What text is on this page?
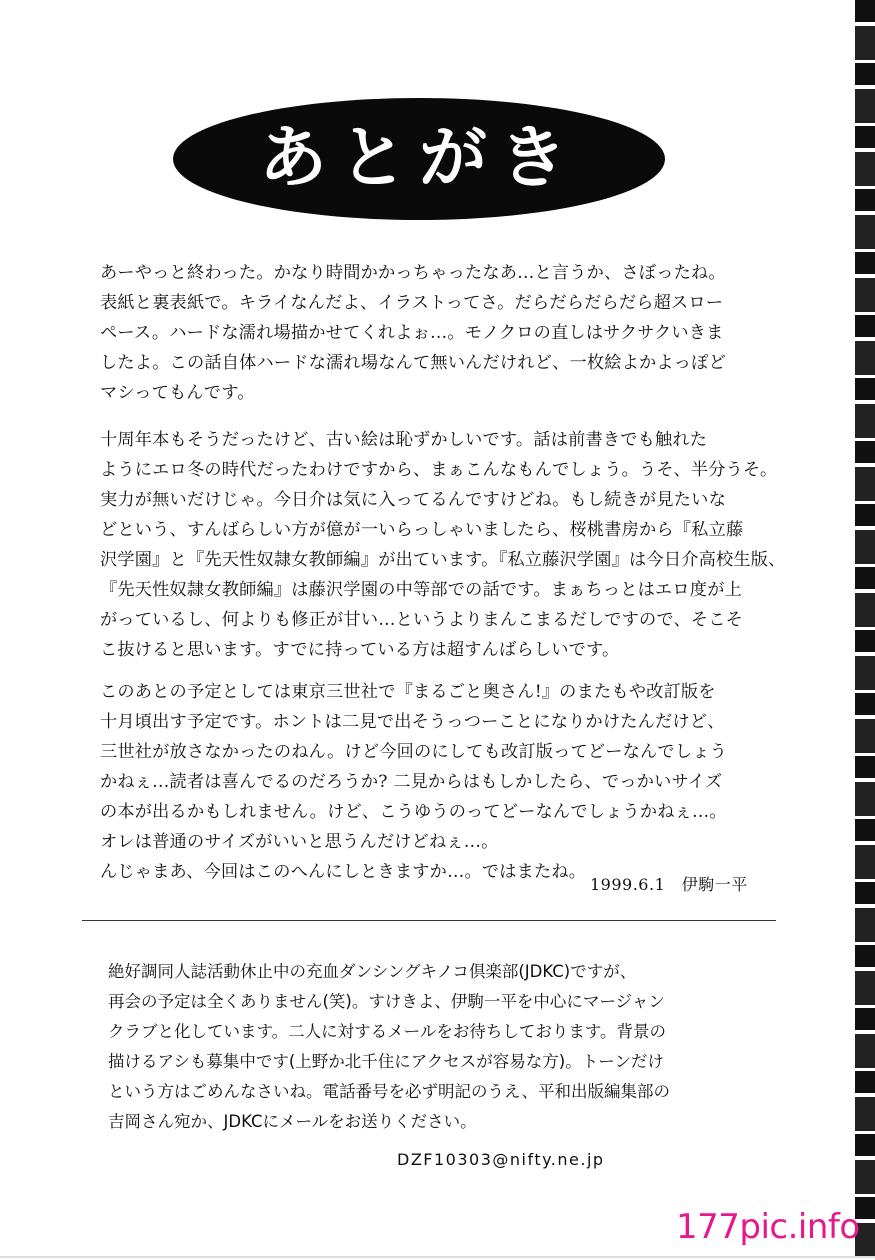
あとがき
あーやっと終わった。かなり時間かかっちゃったなあ…と言うか、さぼったね。
表紙と裏表紙で。キライなんだよ、イラストってさ。だらだらだらだら超スロー
ペース。ハードな濡れ場描かせてくれよぉ…。モノクロの直しはサクサクいきま
したよ。この話自体ハードな濡れ場なんて無いんだけれど、一枚絵よかよっぽど
マシってもんです。
十周年本もそうだったけど、古い絵は恥ずかしいです。話は前書きでも触れた
ようにエロ冬の時代だったわけですから、まぁこんなもんでしょう。うそ、半分うそ。
実力が無いだけじゃ。今日介は気に入ってるんですけどね。もし続きが見たいな
どという、すんばらしい方が億が一いらっしゃいましたら、桜桃書房から『私立藤
沢学園』と『先天性奴隷女教師編』が出ています。『私立藤沢学園』は今日介高校生版、
『先天性奴隷女教師編』は藤沢学園の中等部での話です。まぁちっとはエロ度が上
がっているし、何よりも修正が甘い…というよりまんこまるだしですので、そこそ
こ抜けると思います。すでに持っている方は超すんばらしいです。
このあとの予定としては東京三世社で『まるごと奥さん!』のまたもや改訂版を
十月頃出す予定です。ホントは二見で出そうっつーことになりかけたんだけど、
三世社が放さなかったのねん。けど今回のにしても改訂版ってどーなんでしょう
かねぇ…読者は喜んでるのだろうか? 二見からはもしかしたら、でっかいサイズ
の本が出るかもしれません。けど、こうゆうのってどーなんでしょうかねぇ…。
オレは普通のサイズがいいと思うんだけどねぇ…。
んじゃまあ、今回はこのへんにしときますか…。ではまたね。
1999.6.1　 伊駒一平
絶好調同人誌活動休止中の充血ダンシングキノコ倶楽部(JDKC)ですが、
再会の予定は全くありません(笑)。すけきよ、伊駒一平を中心にマージャン
クラブと化しています。二人に対するメールをお待ちしております。背景の
描けるアシも募集中です(上野か北千住にアクセスが容易な方)。トーンだけ
という方はごめんなさいね。電話番号を必ず明記のうえ、平和出版編集部の
吉岡さん宛か、JDKCにメールをお送りください。
DZF10303@nifty.ne.jp
177pic.info
